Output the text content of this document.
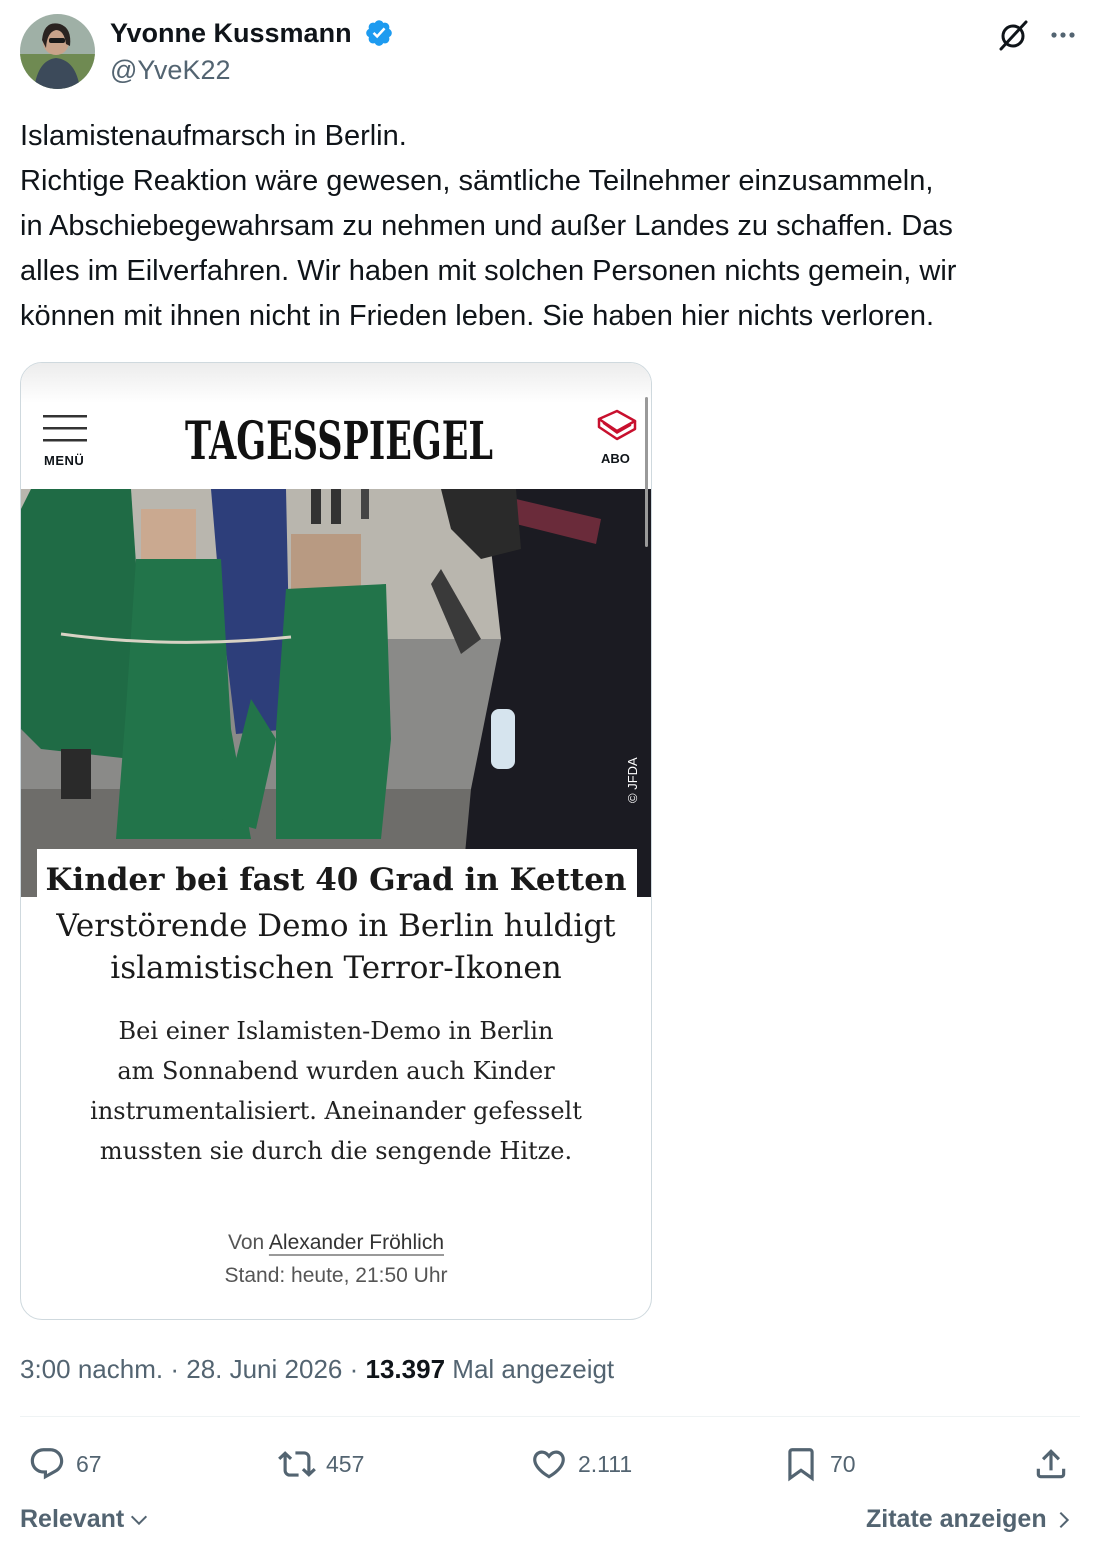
Yvonne Kussmann
@YveK22
Islamistenaufmarsch in Berlin.
Richtige Reaktion wäre gewesen, sämtliche Teilnehmer einzusammeln,
in Abschiebegewahrsam zu nehmen und außer Landes zu schaffen. Das
alles im Eilverfahren. Wir haben mit solchen Personen nichts gemein, wir
können mit ihnen nicht in Frieden leben. Sie haben hier nichts verloren.
MENÜ TAGESSPIEGEL	ABO
© JFDA
Kinder bei fast 40 Grad in Ketten
Verstörende Demo in Berlin huldigt
islamistischen Terror-Ikonen
Bei einer Islamisten-Demo in Berlin
am Sonnabend wurden auch Kinder
instrumentalisiert. Aneinander gefesselt
mussten sie durch die sengende Hitze.
Von Alexander Fröhlich
Stand: heute, 21:50 Uhr
3:00 nachm. · 28. Juni 2026 · 13.397 Mal angezeigt
67	457	2.111	70
Relevant	Zitate anzeigen
